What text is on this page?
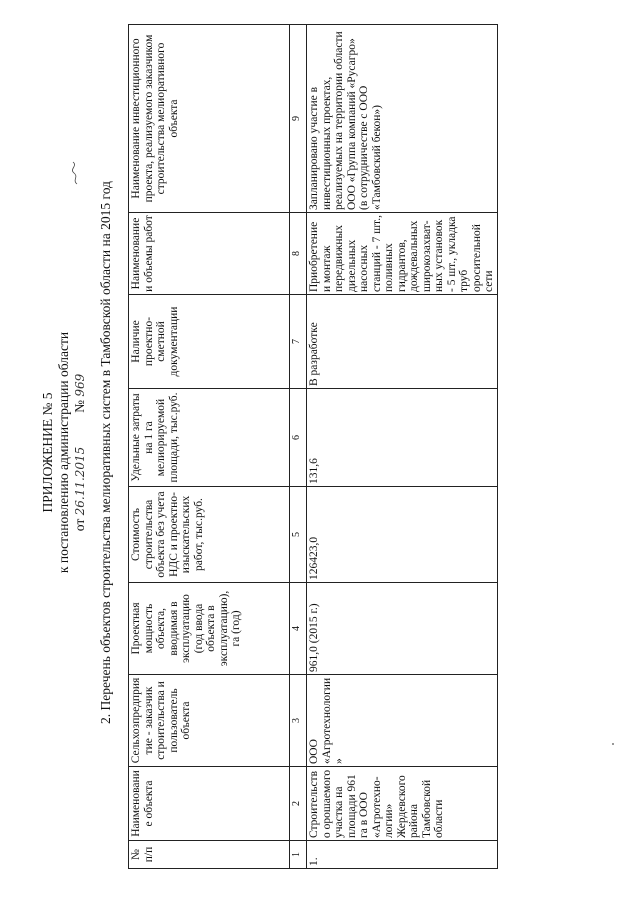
ПРИЛОЖЕНИЕ № 5 к постановлению администрации области от 26.11.2015          № 969 2. Перечень объектов строительства мелиоративных систем в Тамбовской области на 2015 год
№ п/п	Наименование объекта	Сельхозпредприятие - заказчик строительства и пользователь объекта	Проектная мощность объекта, вводимая в эксплуатацию (год ввода объекта в эксплуатацию), га (год)	Стоимость строительства объекта без учета НДС и проектно-изыскательских работ, тыс.руб.	Удельные затраты на 1 га мелиорируемой площади, тыс.руб.	Наличие проектно-сметной документации	Наименование и объемы работ	Наименование инвестиционного проекта, реализуемого заказчиком строительства мелиоративного объекта
1	2	3	4	5	6	7	8	9
1.	Строительство орошаемого участка на площади 961 га в ООО «Агротехно-логии» Жердевского района Тамбовской области	ООО «Агротехнологии»	961,0 (2015 г.)	126423,0	131,6	В разработке	Приобретение и монтаж передвижных дизельных насосных станций - 7 шт., поливных гидрантов, дождевальных широкозахват-ных установок - 5 шт., укладка труб оросительной сети	Запланировано участие в инвестиционных проектах, реализуемых на территории области ООО «Группа компаний «Русагро» (в сотрудничестве с ООО «Тамбовский бекон»)
